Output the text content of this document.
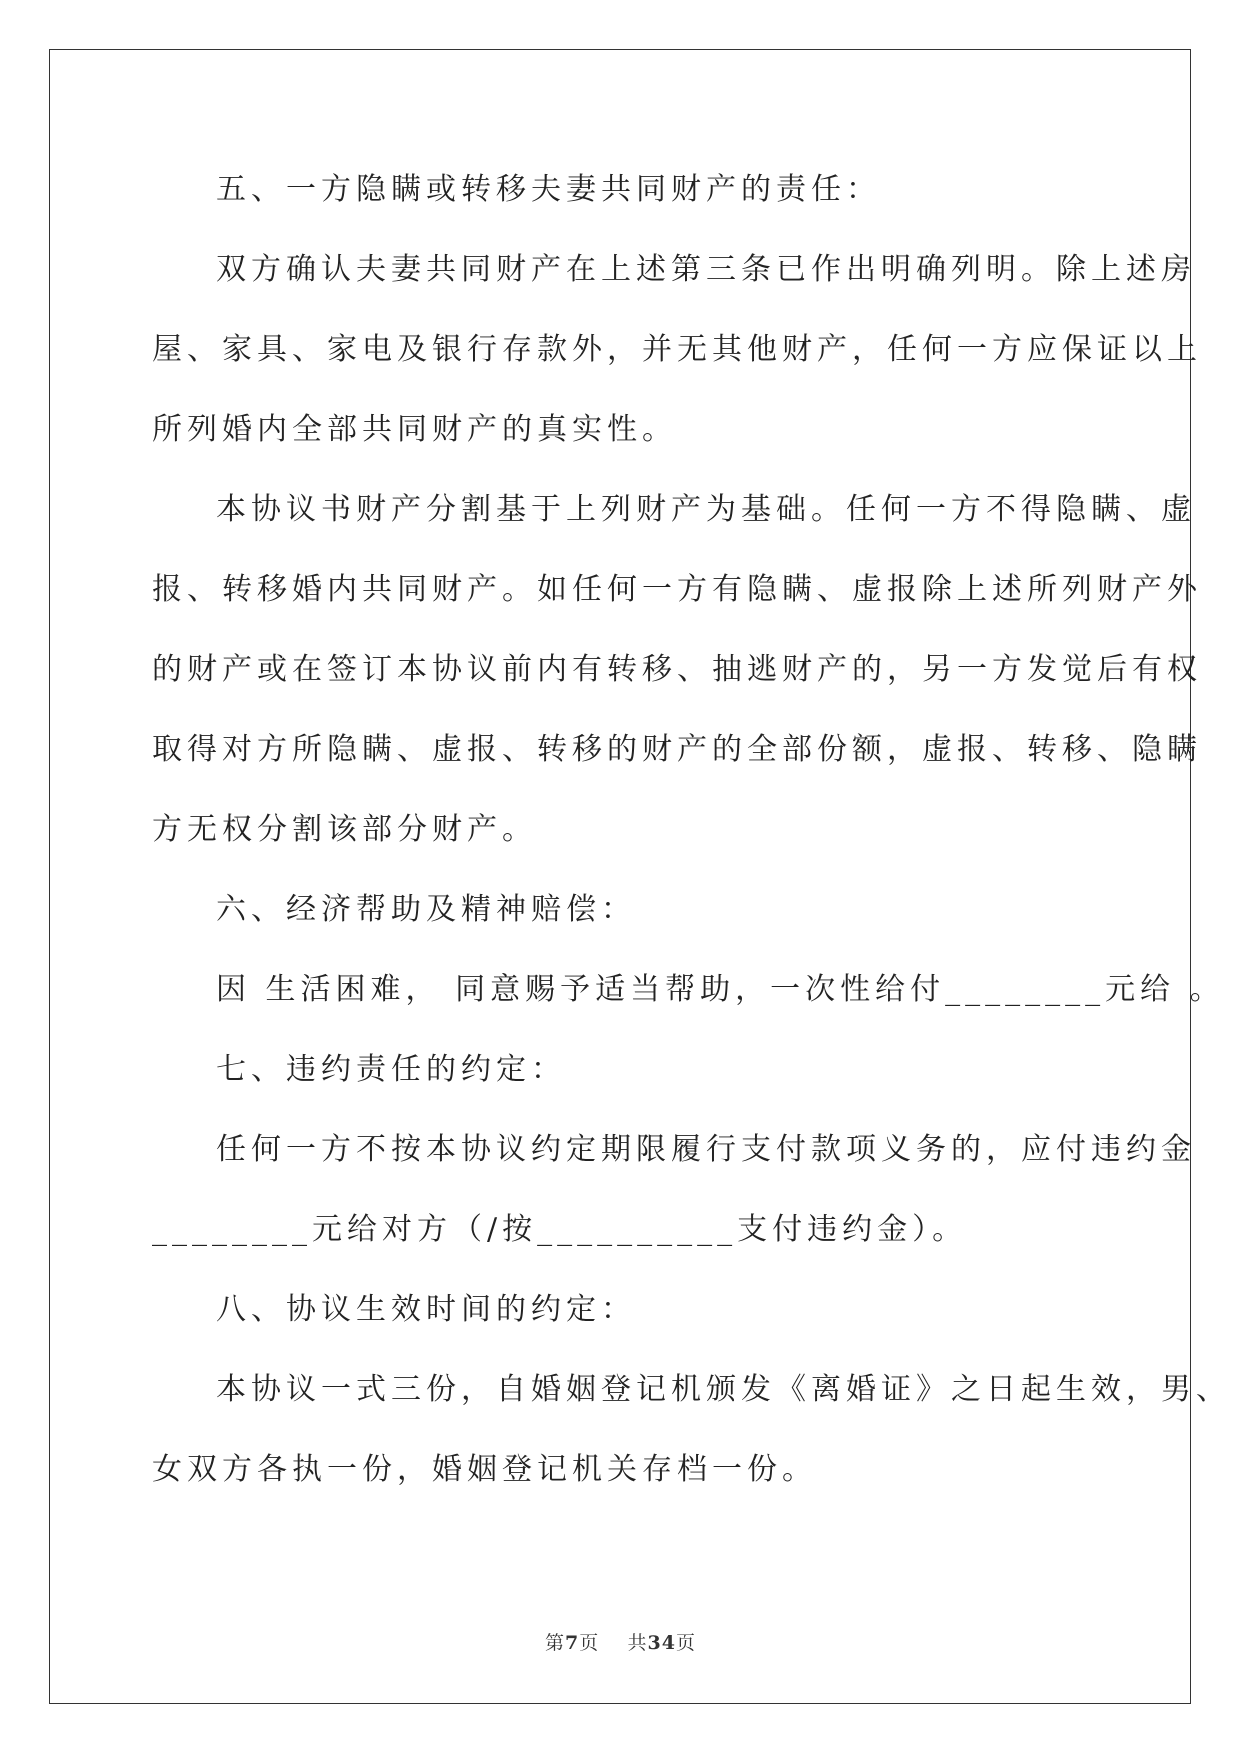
五、一方隐瞒或转移夫妻共同财产的责任：
双方确认夫妻共同财产在上述第三条已作出明确列明。除上述房
屋、家具、家电及银行存款外，并无其他财产，任何一方应保证以上
所列婚内全部共同财产的真实性。
本协议书财产分割基于上列财产为基础。任何一方不得隐瞒、虚
报、转移婚内共同财产。如任何一方有隐瞒、虚报除上述所列财产外
的财产或在签订本协议前内有转移、抽逃财产的，另一方发觉后有权
取得对方所隐瞒、虚报、转移的财产的全部份额，虚报、转移、隐瞒
方无权分割该部分财产。
六、经济帮助及精神赔偿：
因 生活困难， 同意赐予适当帮助，一次性给付________元给 。
七、违约责任的约定：
任何一方不按本协议约定期限履行支付款项义务的，应付违约金
________元给对方（/按__________支付违约金）。
八、协议生效时间的约定：
本协议一式三份，自婚姻登记机颁发《离婚证》之日起生效，男、
女双方各执一份，婚姻登记机关存档一份。
第7页 共34页
